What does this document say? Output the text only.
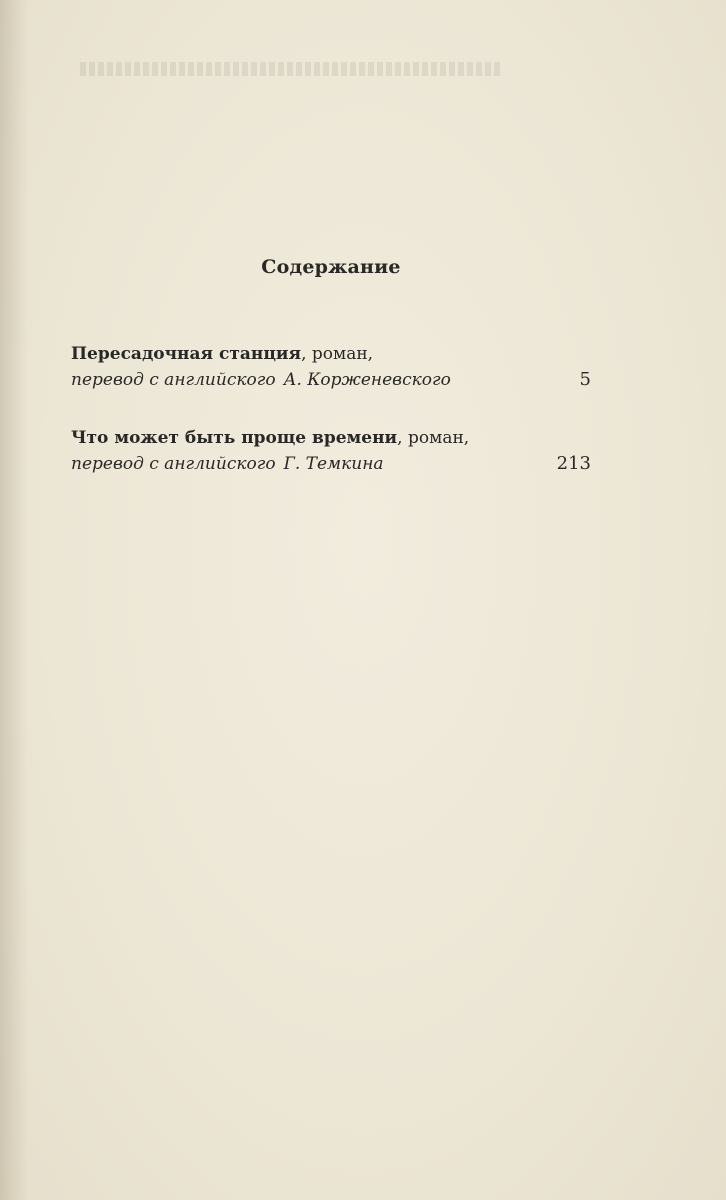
Содержание
Пересадочная станция, роман,
перевод с английского А. Корженевского	5
Что может быть проще времени, роман,
перевод с английского Г. Темкина	213
